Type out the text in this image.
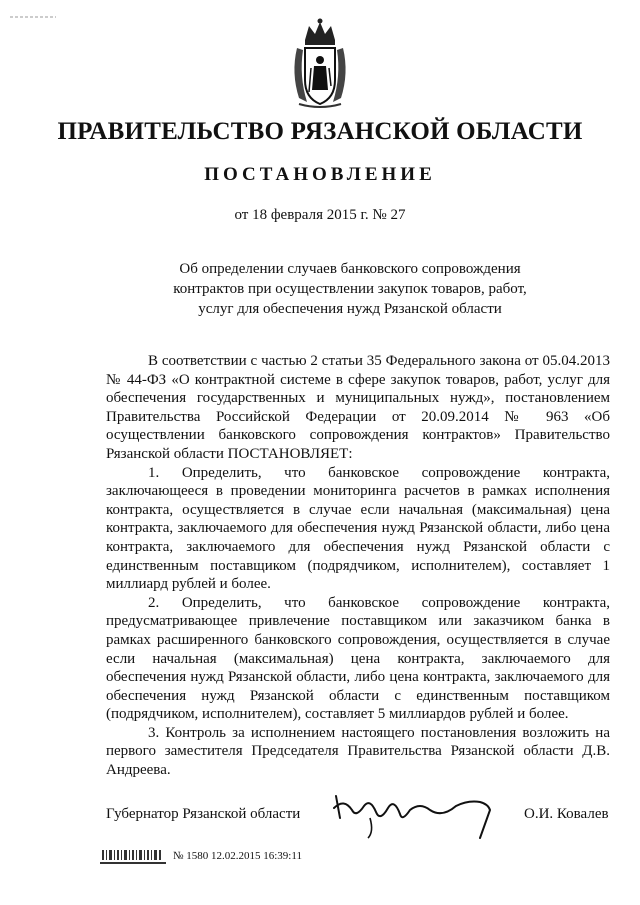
ПРАВИТЕЛЬСТВО РЯЗАНСКОЙ ОБЛАСТИ
ПОСТАНОВЛЕНИЕ
от 18 февраля 2015 г. № 27
Об определении случаев банковского сопровождения
контрактов при осуществлении закупок товаров, работ,
услуг для обеспечения нужд Рязанской области

В соответствии с частью 2 статьи 35 Федерального закона от 05.04.2013 № 44-ФЗ «О контрактной системе в сфере закупок товаров, работ, услуг для обеспечения государственных и муниципальных нужд», постановлением Правительства Российской Федерации от 20.09.2014 № 963 «Об осуществлении банковского сопровождения контрактов» Правительство Рязанской области ПОСТАНОВЛЯЕТ:

1. Определить, что банковское сопровождение контракта, заключающееся в проведении мониторинга расчетов в рамках исполнения контракта, осуществляется в случае если начальная (максимальная) цена контракта, заключаемого для обеспечения нужд Рязанской области, либо цена контракта, заключаемого для обеспечения нужд Рязанской области с единственным поставщиком (подрядчиком, исполнителем), составляет 1 миллиард рублей и более.

2. Определить, что банковское сопровождение контракта, предусматривающее привлечение поставщиком или заказчиком банка в рамках расширенного банковского сопровождения, осуществляется в случае если начальная (максимальная) цена контракта, заключаемого для обеспечения нужд Рязанской области, либо цена контракта, заключаемого для обеспечения нужд Рязанской области с единственным поставщиком (подрядчиком, исполнителем), составляет 5 миллиардов рублей и более.

3. Контроль за исполнением настоящего постановления возложить на первого заместителя Председателя Правительства Рязанской области Д.В. Андреева.

Губернатор Рязанской области	О.И. Ковалев
№ 1580 12.02.2015 16:39:11
